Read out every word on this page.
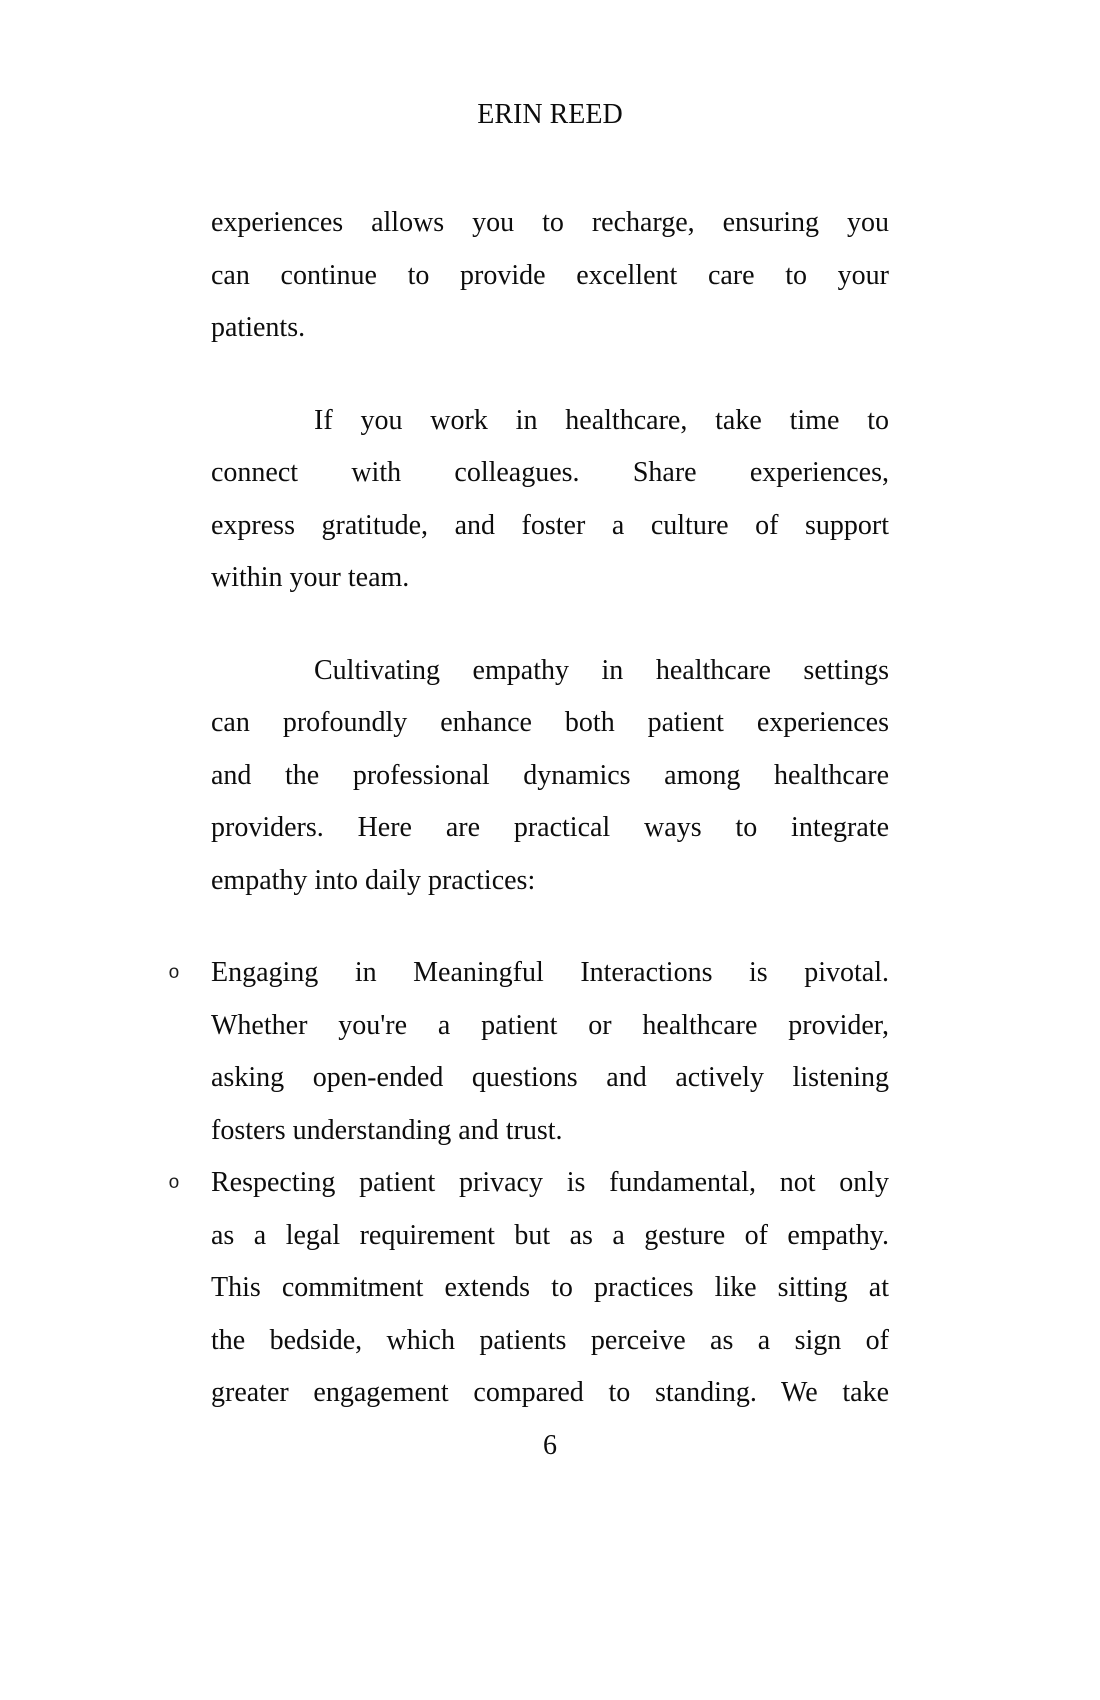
ERIN REED
experiences allows you to recharge, ensuring you
can continue to provide excellent care to your
patients.
If you work in healthcare, take time to
connect with colleagues. Share experiences,
express gratitude, and foster a culture of support
within your team.
Cultivating empathy in healthcare settings
can profoundly enhance both patient experiences
and the professional dynamics among healthcare
providers. Here are practical ways to integrate
empathy into daily practices:
o Engaging in Meaningful Interactions is pivotal.
Whether you're a patient or healthcare provider,
asking open-ended questions and actively listening
fosters understanding and trust.
o Respecting patient privacy is fundamental, not only
as a legal requirement but as a gesture of empathy.
This commitment extends to practices like sitting at
the bedside, which patients perceive as a sign of
greater engagement compared to standing. We take
6
